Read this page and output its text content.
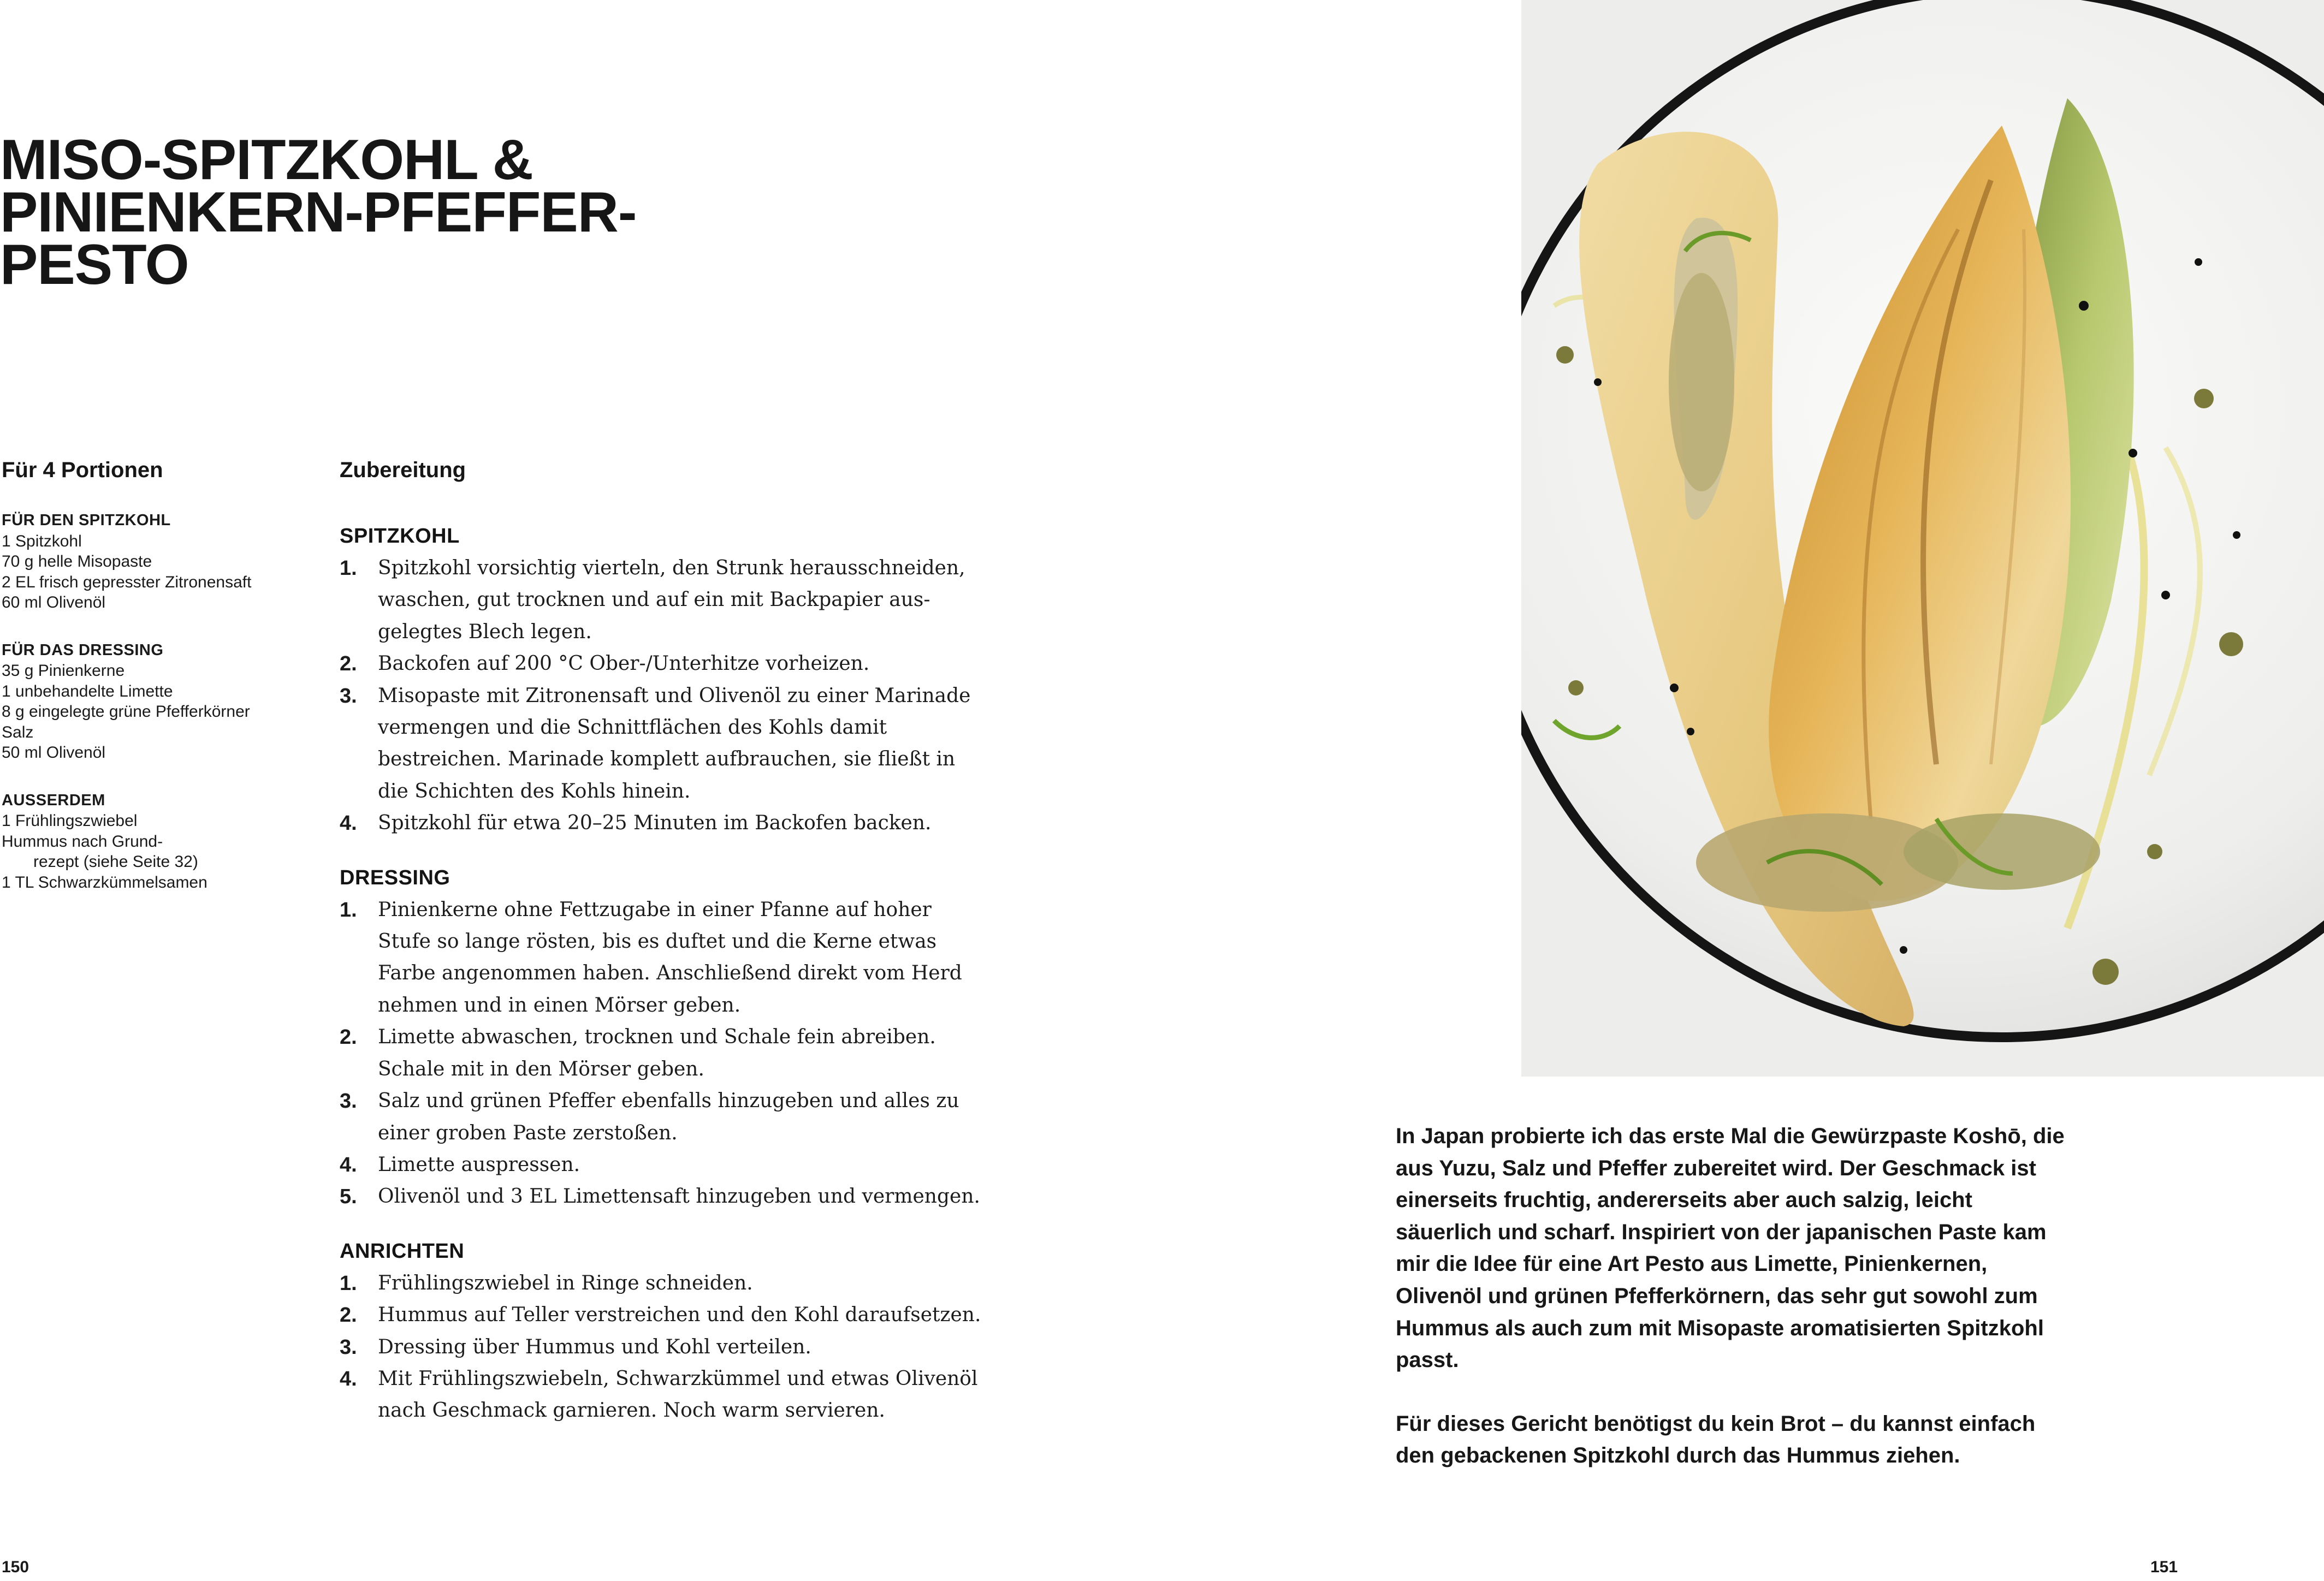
MISO-SPITZKOHL &
PINIENKERN-PFEFFER-
PESTO
Für 4 Portionen	Zubereitung
FÜR DEN SPITZKOHL
1 Spitzkohl
70 g helle Misopaste
2 EL frisch gepresster Zitronensaft
60 ml Olivenöl
FÜR DAS DRESSING
35 g Pinienkerne
1 unbehandelte Limette
8 g eingelegte grüne Pfefferkörner
Salz
50 ml Olivenöl
AUSSERDEM
1 Frühlingszwiebel
Hummus nach Grund-
rezept (siehe Seite 32)
1 TL Schwarzkümmelsamen
SPITZKOHL
1. Spitzkohl vorsichtig vierteln, den Strunk herausschneiden, waschen, gut trocknen und auf ein mit Backpapier ausgelegtes Blech legen.
2. Backofen auf 200 °C Ober-/Unterhitze vorheizen.
3. Misopaste mit Zitronensaft und Olivenöl zu einer Marinade vermengen und die Schnittflächen des Kohls damit bestreichen. Marinade komplett aufbrauchen, sie fließt in die Schichten des Kohls hinein.
4. Spitzkohl für etwa 20–25 Minuten im Backofen backen.
DRESSING
1. Pinienkerne ohne Fettzugabe in einer Pfanne auf hoher Stufe so lange rösten, bis es duftet und die Kerne etwas Farbe angenommen haben. Anschließend direkt vom Herd nehmen und in einen Mörser geben.
2. Limette abwaschen, trocknen und Schale fein abreiben. Schale mit in den Mörser geben.
3. Salz und grünen Pfeffer ebenfalls hinzugeben und alles zu einer groben Paste zerstoßen.
4. Limette auspressen.
5. Olivenöl und 3 EL Limettensaft hinzugeben und vermengen.
ANRICHTEN
1. Frühlingszwiebel in Ringe schneiden.
2. Hummus auf Teller verstreichen und den Kohl daraufsetzen.
3. Dressing über Hummus und Kohl verteilen.
4. Mit Frühlingszwiebeln, Schwarzkümmel und etwas Olivenöl nach Geschmack garnieren. Noch warm servieren.
150

In Japan probierte ich das erste Mal die Gewürzpaste Koshō, die aus Yuzu, Salz und Pfeffer zubereitet wird. Der Geschmack ist einerseits fruchtig, andererseits aber auch salzig, leicht säuerlich und scharf. Inspiriert von der japanischen Paste kam mir die Idee für eine Art Pesto aus Limette, Pinienkernen, Olivenöl und grünen Pfefferkörnern, das sehr gut sowohl zum Hummus als auch zum mit Misopaste aromatisierten Spitzkohl passt.

Für dieses Gericht benötigst du kein Brot – du kannst einfach den gebackenen Spitzkohl durch das Hummus ziehen.

151
